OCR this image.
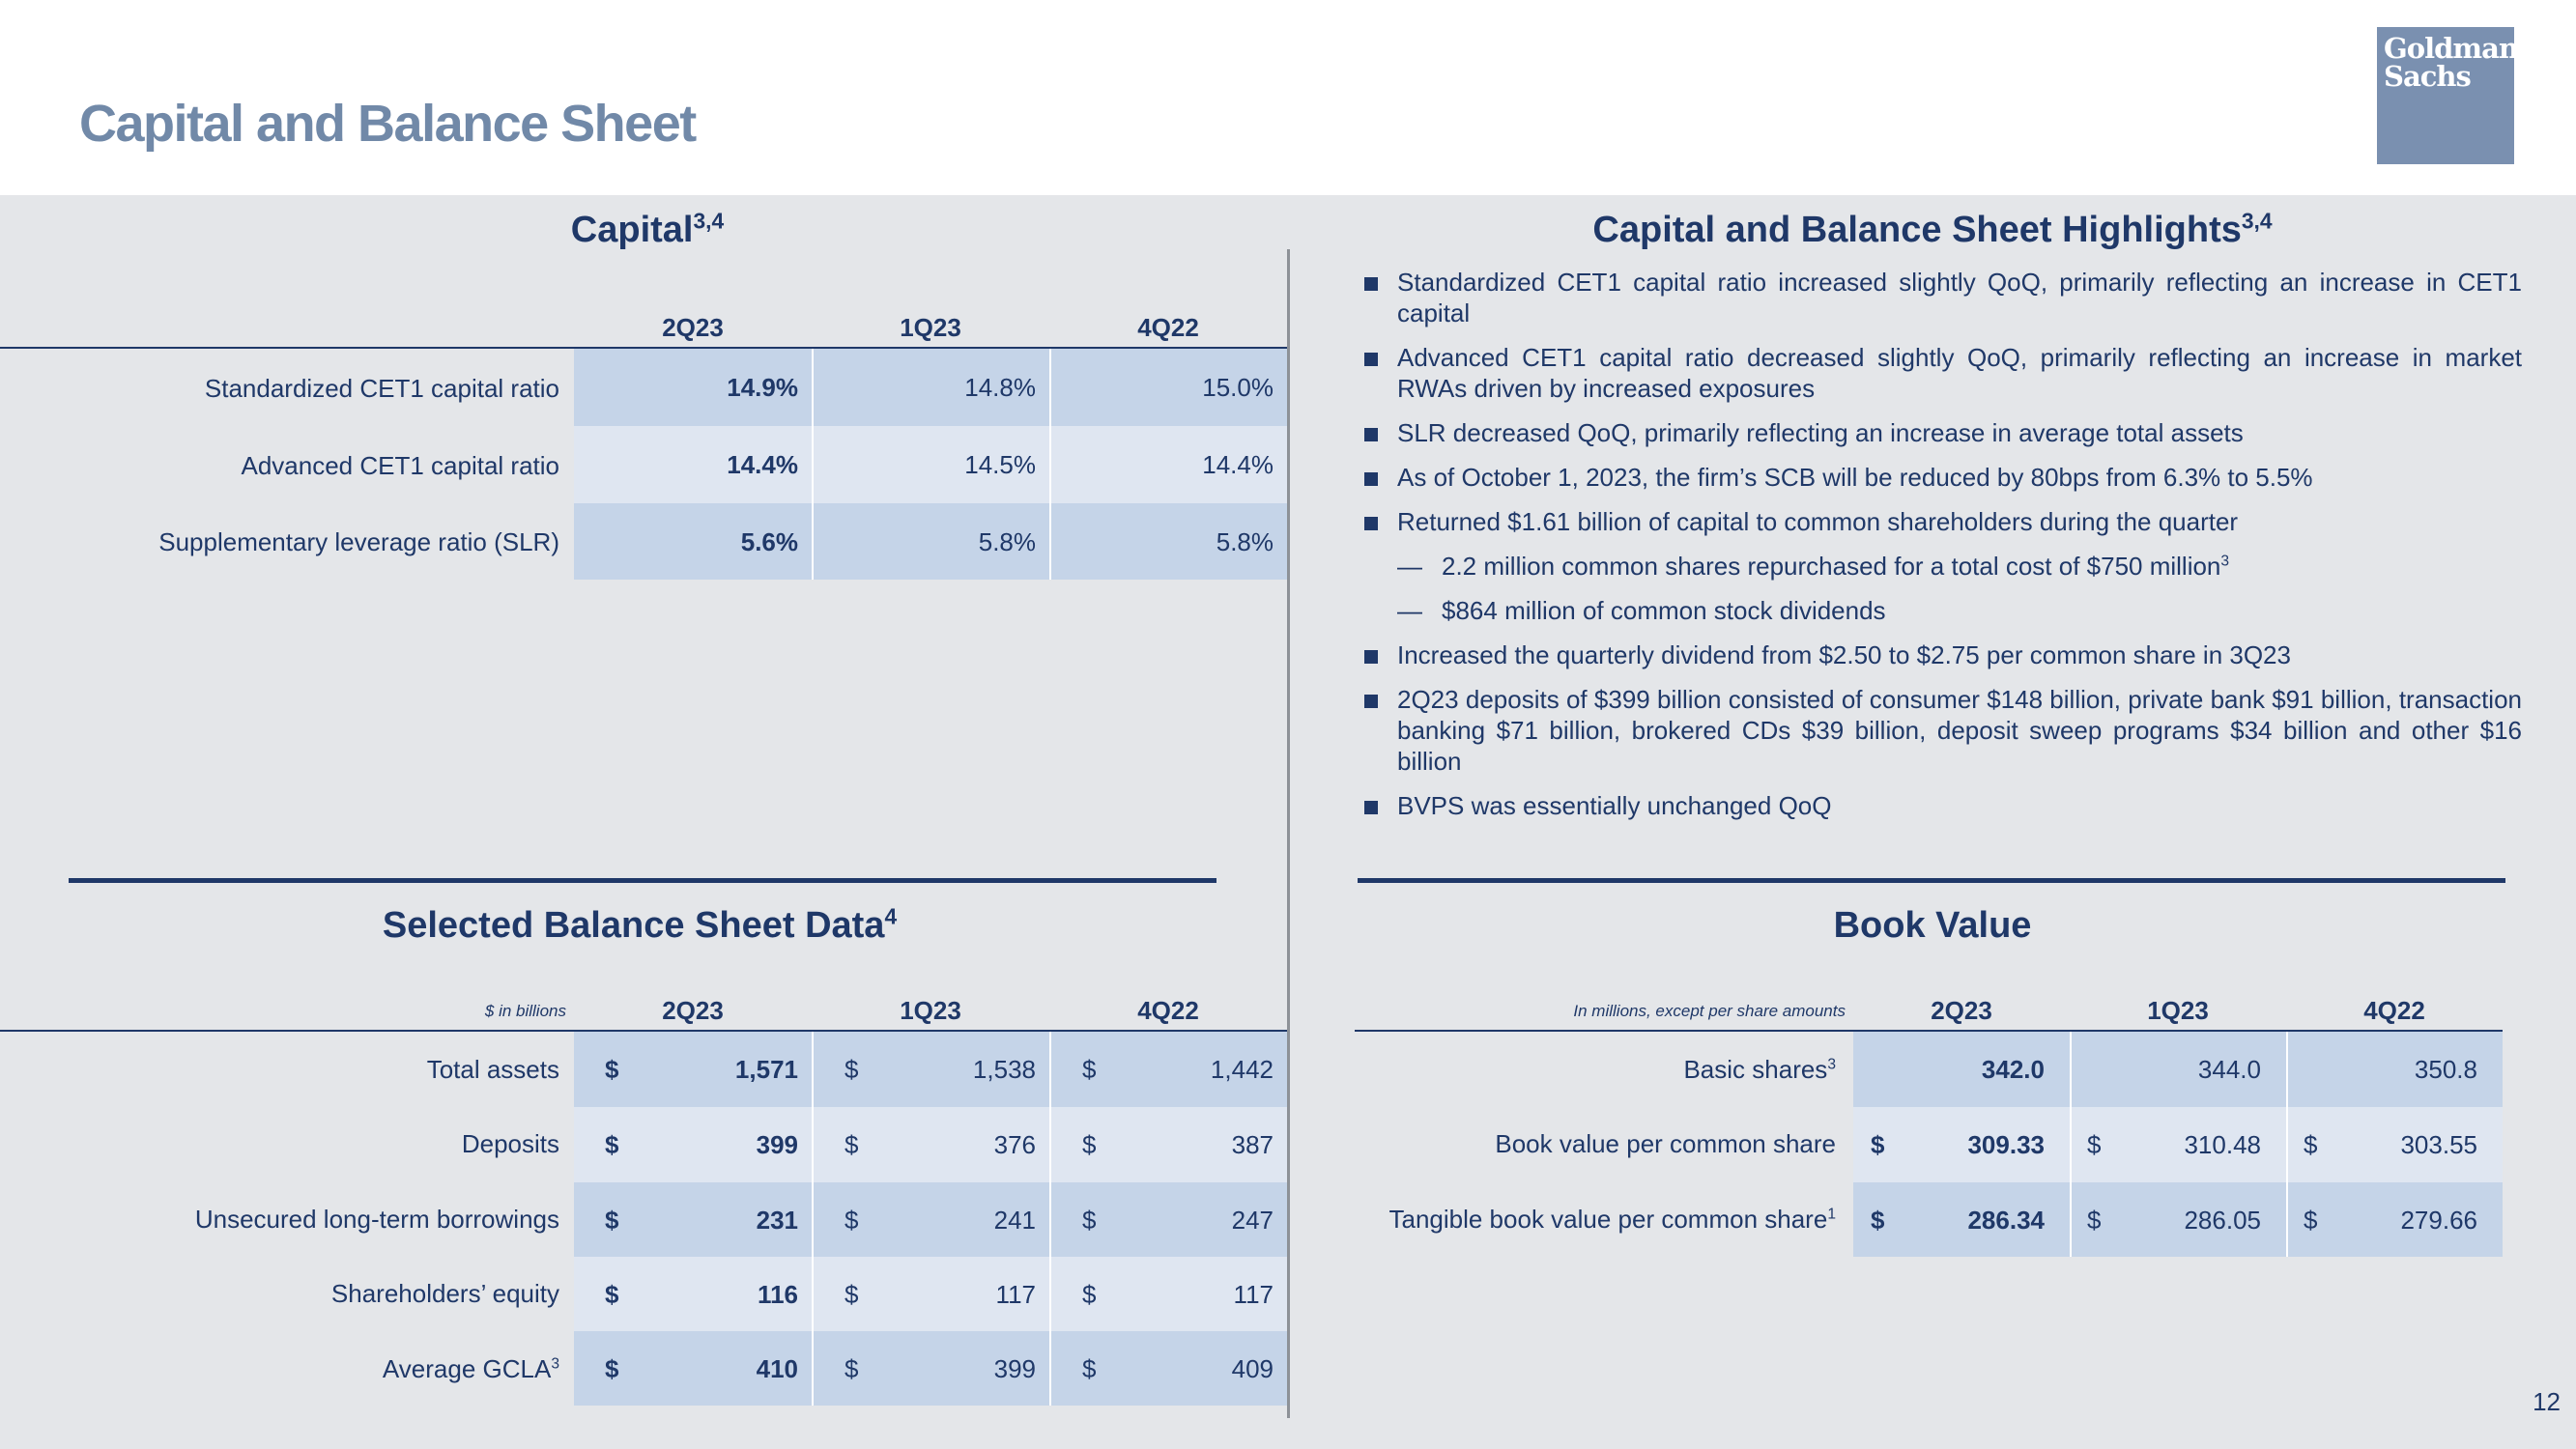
Capital and Balance Sheet
Goldman
Sachs
Capital$^{3,4}$
2Q23	1Q23	4Q22
Standardized CET1 capital ratio	14.9%	14.8%	15.0%
Advanced CET1 capital ratio	14.4%	14.5%	14.4%
Supplementary leverage ratio (SLR)	5.6%	5.8%	5.8%
Capital and Balance Sheet Highlights$^{3,4}$
Standardized CET1 capital ratio increased slightly QoQ, primarily reflecting an increase in CET1 capital
Advanced CET1 capital ratio decreased slightly QoQ, primarily reflecting an increase in market RWAs driven by increased exposures
SLR decreased QoQ, primarily reflecting an increase in average total assets
As of October 1, 2023, the firm’s SCB will be reduced by 80bps from 6.3% to 5.5%
Returned $1.61 billion of capital to common shareholders during the quarter
— 2.2 million common shares repurchased for a total cost of $750 million$^3$
— $864 million of common stock dividends
Increased the quarterly dividend from $2.50 to $2.75 per common share in 3Q23
2Q23 deposits of $399 billion consisted of consumer $148 billion, private bank $91 billion, transaction banking $71 billion, brokered CDs $39 billion, deposit sweep programs $34 billion and other $16 billion
BVPS was essentially unchanged QoQ
Selected Balance Sheet Data$^4$
$ in billions	2Q23	1Q23	4Q22
Total assets $	1,571 $	1,538 $	1,442
Deposits $	399 $	376 $	387
Unsecured long-term borrowings $	231 $	241 $	247
Shareholders’ equity $	116 $	117 $	117
Average GCLA$^3$ $	410 $	399 $	409
Book Value
In millions, except per share amounts	2Q23	1Q23	4Q22
Basic shares$^3$	342.0	344.0	350.8
Book value per common share $	309.33 $	310.48 $	303.55
Tangible book value per common share$^1$ $	286.34 $	286.05 $	279.66
12
